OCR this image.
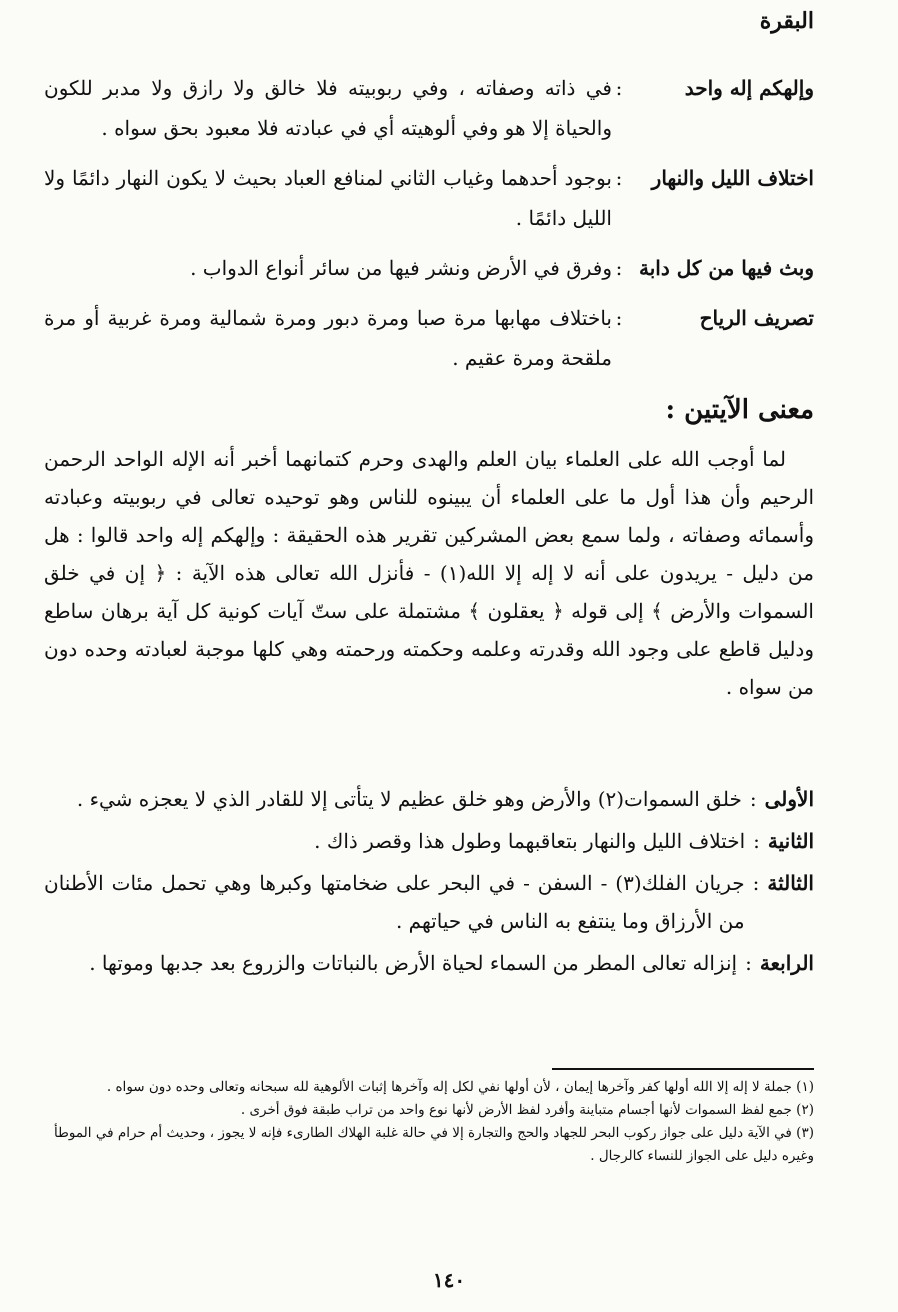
البقرة
وإلهكم إله واحد
:
في ذاته وصفاته ، وفي ربوبيته فلا خالق ولا رازق ولا مدبر للكون والحياة إلا هو وفي ألوهيته أي في عبادته فلا معبود بحق سواه .
اختلاف الليل والنهار
:
بوجود أحدهما وغياب الثاني لمنافع العباد بحيث لا يكون النهار دائمًا ولا الليل دائمًا .
وبث فيها من كل دابة
:
وفرق في الأرض ونشر فيها من سائر أنواع الدواب .
تصريف الرياح
:
باختلاف مهابها مرة صبا ومرة دبور ومرة شمالية ومرة غربية أو مرة ملقحة ومرة عقيم .
معنى الآيتين :

لما أوجب الله على العلماء بيان العلم والهدى وحرم كتمانهما أخبر أنه الإله الواحد الرحمن الرحيم وأن هذا أول ما على العلماء أن يبينوه للناس وهو توحيده تعالى في ربوبيته وعبادته وأسمائه وصفاته ، ولما سمع بعض المشركين تقرير هذه الحقيقة : وإلهكم إله واحد قالوا : هل من دليل - يريدون على أنه لا إله إلا الله(١) - فأنزل الله تعالى هذه الآية : ﴿ إن في خلق السموات والأرض ﴾ إلى قوله ﴿ يعقلون ﴾ مشتملة على ستّ آيات كونية كل آية برهان ساطع ودليل قاطع على وجود الله وقدرته وعلمه وحكمته ورحمته وهي كلها موجبة لعبادته وحده دون من سواه .

الأولى
:
خلق السموات(٢) والأرض وهو خلق عظيم لا يتأتى إلا للقادر الذي لا يعجزه شيء .
الثانية
:
اختلاف الليل والنهار بتعاقبهما وطول هذا وقصر ذاك .
الثالثة
:
جريان الفلك(٣) - السفن - في البحر على ضخامتها وكبرها وهي تحمل مئات الأطنان من الأرزاق وما ينتفع به الناس في حياتهم .
الرابعة
:
إنزاله تعالى المطر من السماء لحياة الأرض بالنباتات والزروع بعد جدبها وموتها .

(١) جملة لا إله إلا الله أولها كفر وآخرها إيمان ، لأن أولها نفي لكل إله وآخرها إثبات الألوهية لله سبحانه وتعالى وحده دون سواه .

(٢) جمع لفظ السموات لأنها أجسام متباينة وأفرد لفظ الأرض لأنها نوع واحد من تراب طبقة فوق أخرى .

(٣) في الآية دليل على جواز ركوب البحر للجهاد والحج والتجارة إلا في حالة غلبة الهلاك الطارىء فإنه لا يجوز ، وحديث أم حرام في الموطأ وغيره دليل على الجواز للنساء كالرجال .

١٤٠
